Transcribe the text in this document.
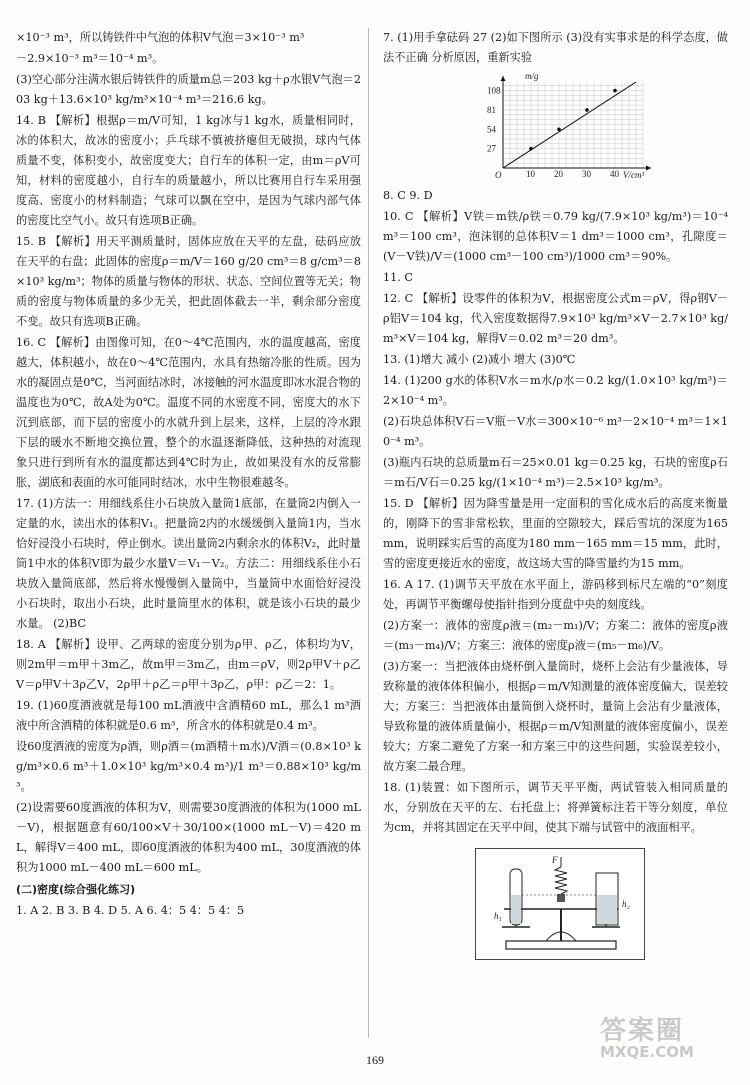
×10⁻³ m³，所以铸铁件中气泡的体积V气泡＝3×10⁻³ m³

－2.9×10⁻³ m³＝10⁻⁴ m³。

(3)空心部分注满水银后铸铁件的质量m总＝203 kg＋ρ水银V气泡＝203 kg＋13.6×10³ kg/m³×10⁻⁴ m³＝216.6 kg。

14. B 【解析】根据ρ＝m/V可知，1 kg冰与1 kg水，质量相同时，冰的体积大，故冰的密度小；乒乓球不慎被挤瘪但无破损，球内气体质量不变，体积变小，故密度变大；自行车的体积一定，由m＝ρV可知，材料的密度越小，自行车的质量越小，所以比赛用自行车采用强度高、密度小的材料制造；气球可以飘在空中，是因为气球内部气体的密度比空气小。故只有选项B正确。

15. B 【解析】用天平测质量时，固体应放在天平的左盘，砝码应放在天平的右盘；此固体的密度ρ＝m/V＝160 g/20 cm³＝8 g/cm³＝8×10³ kg/m³；物体的质量与物体的形状、状态、空间位置等无关；物质的密度与物体质量的多少无关，把此固体截去一半，剩余部分密度不变。故只有选项B正确。

16. C 【解析】由图像可知，在0～4℃范围内，水的温度越高，密度越大，体积越小，故在0～4℃范围内，水具有热缩冷胀的性质。因为水的凝固点是0℃，当河面结冰时，冰接触的河水温度即冰水混合物的温度也为0℃，故A处为0℃。温度不同的水密度不同，密度大的水下沉到底部，而下层的密度小的水就升到上层来，这样，上层的冷水跟下层的暖水不断地交换位置，整个的水温逐渐降低，这种热的对流现象只进行到所有水的温度都达到4℃时为止，故如果没有水的反常膨胀，湖底和表面的水可能同时结冰，水中生物很难越冬。

17. (1)方法一：用细线系住小石块放入量筒1底部，在量筒2内倒入一定量的水，读出水的体积V₁。把量筒2内的水缓缓倒入量筒1内，当水恰好浸没小石块时，停止倒水。读出量筒2内剩余水的体积V₂，此时量筒1中水的体积V即为最少水量V＝V₁－V₂。方法二：用细线系住小石块放入量筒底部，然后将水慢慢倒入量筒中，当量筒中水面恰好浸没小石块时，取出小石块，此时量筒里水的体积，就是该小石块的最少水量。 (2)BC

18. A 【解析】设甲、乙两球的密度分别为ρ甲、ρ乙，体积均为V，则2m甲＝m甲＋3m乙，故m甲＝3m乙，由m＝ρV，则2ρ甲V＋ρ乙V＝ρ甲V＋3ρ乙V，2ρ甲＋ρ乙＝ρ甲＋3ρ乙，ρ甲：ρ乙＝2：1。

19. (1)60度酒液就是每100 mL酒液中含酒精60 mL，那么1 m³酒液中所含酒精的体积就是0.6 m³，所含水的体积就是0.4 m³。

设60度酒液的密度为ρ酒，则ρ酒＝(m酒精＋m水)/V酒＝(0.8×10³ kg/m³×0.6 m³＋1.0×10³ kg/m³×0.4 m³)/1 m³＝0.88×10³ kg/m³。

(2)设需要60度酒液的体积为V，则需要30度酒液的体积为(1000 mL－V)，根据题意有60/100×V＋30/100×(1000 mL－V)＝420 mL，解得V＝400 mL，即60度酒液的体积为400 mL，30度酒液的体积为1000 mL－400 mL＝600 mL。

(二)密度(综合强化练习)

1. A 2. B 3. B 4. D 5. A 6. 4：5 4：5 4：5

7. (1)用手拿砝码 27 (2)如下图所示 (3)没有实事求是的科学态度，做法不正确 分析原因，重新实验

10 20 30 40
27
54
81
108
m/g
V/cm³
O

8. C 9. D

10. C 【解析】V铁＝m铁/ρ铁＝0.79 kg/(7.9×10³ kg/m³)＝10⁻⁴ m³＝100 cm³，泡沫钢的总体积V＝1 dm³＝1000 cm³，孔隙度＝(V－V铁)/V＝(1000 cm³－100 cm³)/1000 cm³＝90%。

11. C

12. C 【解析】设零件的体积为V，根据密度公式m＝ρV，得ρ钢V－ρ铝V＝104 kg，代入密度数据得7.9×10³ kg/m³×V－2.7×10³ kg/m³×V＝104 kg，解得V＝0.02 m³＝20 dm³。

13. (1)增大 减小 (2)减小 增大 (3)0℃

14. (1)200 g水的体积V水＝m水/ρ水＝0.2 kg/(1.0×10³ kg/m³)＝2×10⁻⁴ m³。

(2)石块总体积V石＝V瓶－V水＝300×10⁻⁶ m³－2×10⁻⁴ m³＝1×10⁻⁴ m³。

(3)瓶内石块的总质量m石＝25×0.01 kg＝0.25 kg，石块的密度ρ石＝m石/V石＝0.25 kg/(1×10⁻⁴ m³)＝2.5×10³ kg/m³。

15. D 【解析】因为降雪量是用一定面积的雪化成水后的高度来衡量的，刚降下的雪非常松软，里面的空隙较大，踩后雪坑的深度为165 mm，说明踩实后雪的高度为180 mm－165 mm＝15 mm，此时，雪的密度更接近水的密度，故这场大雪的降雪量约为15 mm。

16. A 17. (1)调节天平放在水平面上，游码移到标尺左端的“0”刻度处，再调节平衡螺母使指针指到分度盘中央的刻度线。

(2)方案一：液体的密度ρ液＝(m₂－m₁)/V；方案二：液体的密度ρ液＝(m₃－m₄)/V；方案三：液体的密度ρ液＝(m₅－m₆)/V。

(3)方案一：当把液体由烧杯倒入量筒时，烧杯上会沾有少量液体，导致称量的液体体积偏小，根据ρ＝m/V知测量的液体密度偏大，误差较大；方案三：当把液体由量筒倒入烧杯时，量筒上会沾有少量液体，导致称量的液体质量偏小，根据ρ＝m/V知测量的液体密度偏小，误差较大；方案二避免了方案一和方案三中的这些问题，实验误差较小，故方案二最合理。

18. (1)装置：如下图所示，调节天平平衡，两试管装入相同质量的水，分别放在天平的左、右托盘上；将弹簧标注若干等分刻度，单位为cm，并将其固定在天平中间，使其下端与试管中的液面相平。

F
h₁
h₂
169
答案圈
MXQE.COM
